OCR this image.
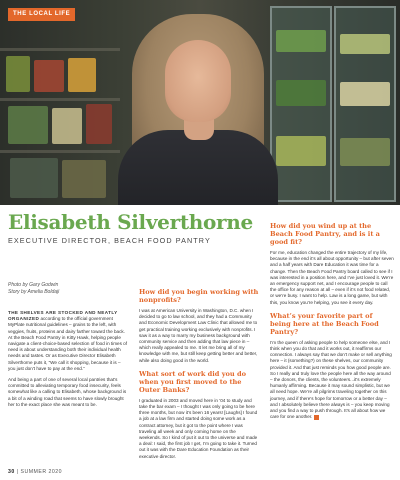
THE LOCAL LIFE
Elisabeth Silverthorne
EXECUTIVE DIRECTOR, BEACH FOOD PANTRY
Photo by Gary Godwin
Story by Amelia Boldaji

THE SHELVES ARE STOCKED AND NEATLY ORGANIZED according to the official government MyPlate nutritional guidelines – grains to the left, with veggies, fruits, proteins and dairy farther toward the back. At the Beach Food Pantry in Kitty Hawk, helping people navigate a client-choice-based selection of food in times of need is about understanding both their individual health needs and tastes. Or as Executive Director Elisabeth Silverthorne puts it, “We call it shopping, because it is – you just don’t have to pay at the end.”

And being a part of one of several local pantries that’s committed to alleviating temporary food insecurity, feels somewhat like a calling to Elisabeth, whose background is a bit of a winding road that seems to have slowly brought her to the exact place she was meant to be.

How did you begin working with nonprofits?

I was at American University in Washington, D.C. when I decided to go to law school, and they had a Community and Economic Development Law Clinic that allowed me to get practical training working exclusively with nonprofits. I saw it as a way to marry my business background with community service and then adding that law piece in – which really appealed to me. It let me bring all of my knowledge with me, but still keep getting better and better, while also doing good in the world.

What sort of work did you do when you first moved to the Outer Banks?

I graduated in 2003 and moved here in ’04 to study and take the bar exam – I thought I was only going to be here three months, but now it’s been 16 years! [Laughs] I found a job at a law firm and started doing some work as a contract attorney, but it got to the point where I was traveling all week and only coming home on the weekends. So I kind of put it out to the universe and made a deal: I said, the first job I get, I’m going to take it. Turned out it was with the Dare Education Foundation as their executive director.

How did you wind up at the Beach Food Pantry, and is it a good fit?

For me, education changed the entire trajectory of my life, because in the end it’s all about opportunity – but after seven and a half years with Dare Education it was time for a change. Then the Beach Food Pantry board called to see if I was interested in a position here, and I’ve just loved it. We’re an emergency support net, and I encourage people to call the office for any reason at all – even if it’s not food related, or we’re busy. I want to help. Law is a long game, but with this, you know you’re helping, you see it every day.

What’s your favorite part of being here at the Beach Food Pantry?

I’m the queen of asking people to help someone else, and I think when you do that and it works out, it reaffirms our connection. I always say that we don’t make or sell anything here – it (something?) on these shelves, our community provided it. And that just reminds you how good people are. So I really and truly love the people here all the way around – the donors, the clients, the volunteers...it’s extremely humanly affirming. Because it may sound simplistic, but we all need hope. We’re all pilgrims traveling together on this journey, and if there’s hope for tomorrow or a better day – and I absolutely believe there always is – you keep moving and you find a way to push through. It’s all about how we care for one another.

30 | SUMMER 2020
